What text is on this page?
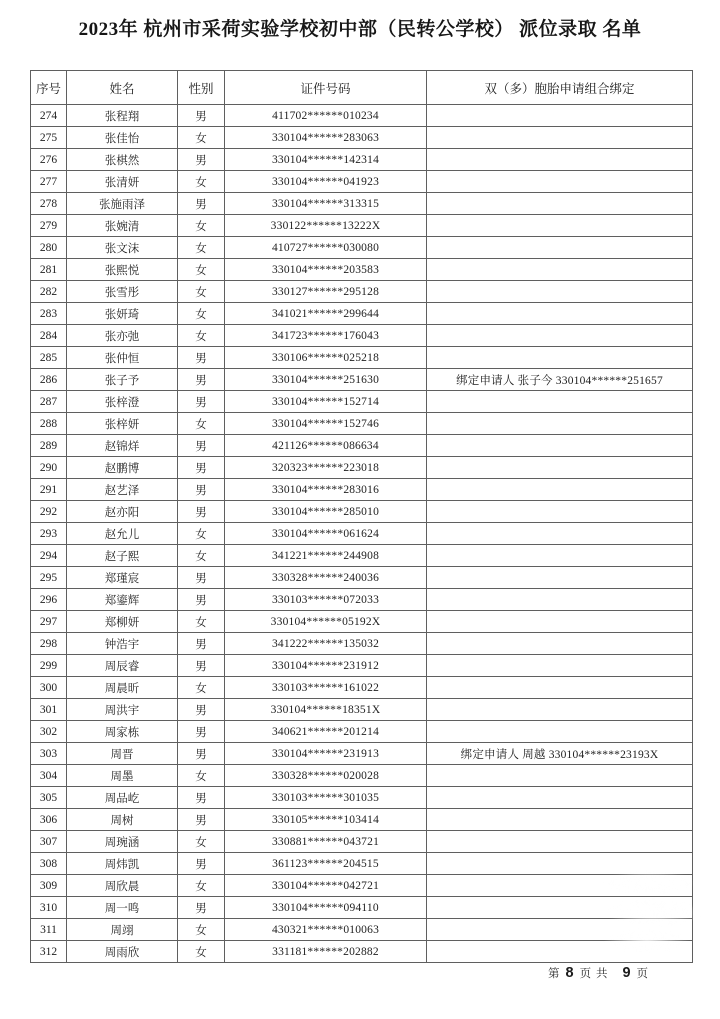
2023年 杭州市采荷实验学校初中部（民转公学校） 派位录取 名单
序号	姓名	性别	证件号码	双（多）胞胎申请组合绑定
274	张程翔	男	411702******010234	
275	张佳怡	女	330104******283063	
276	张棋然	男	330104******142314	
277	张清妍	女	330104******041923	
278	张施雨泽	男	330104******313315	
279	张婉清	女	330122******13222X	
280	张文沫	女	410727******030080	
281	张熙悦	女	330104******203583	
282	张雪彤	女	330127******295128	
283	张妍琦	女	341021******299644	
284	张亦弛	女	341723******176043	
285	张仲恒	男	330106******025218	
286	张子予	男	330104******251630	绑定申请人 张子今 330104******251657
287	张梓澄	男	330104******152714	
288	张梓妍	女	330104******152746	
289	赵锦烊	男	421126******086634	
290	赵鹏博	男	320323******223018	
291	赵艺泽	男	330104******283016	
292	赵亦阳	男	330104******285010	
293	赵允儿	女	330104******061624	
294	赵子熙	女	341221******244908	
295	郑瑾宸	男	330328******240036	
296	郑鎏辉	男	330103******072033	
297	郑柳妍	女	330104******05192X	
298	钟浩宇	男	341222******135032	
299	周辰睿	男	330104******231912	
300	周晨昕	女	330103******161022	
301	周洪宇	男	330104******18351X	
302	周家栋	男	340621******201214	
303	周晋	男	330104******231913	绑定申请人 周越 330104******23193X
304	周墨	女	330328******020028	
305	周品屹	男	330103******301035	
306	周树	男	330105******103414	
307	周琬涵	女	330881******043721	
308	周炜凯	男	361123******204515	
309	周欣晨	女	330104******042721	
310	周一鸣	男	330104******094110	
311	周翊	女	430321******010063	
312	周雨欣	女	331181******202882	
第 8 页 共 9 页
